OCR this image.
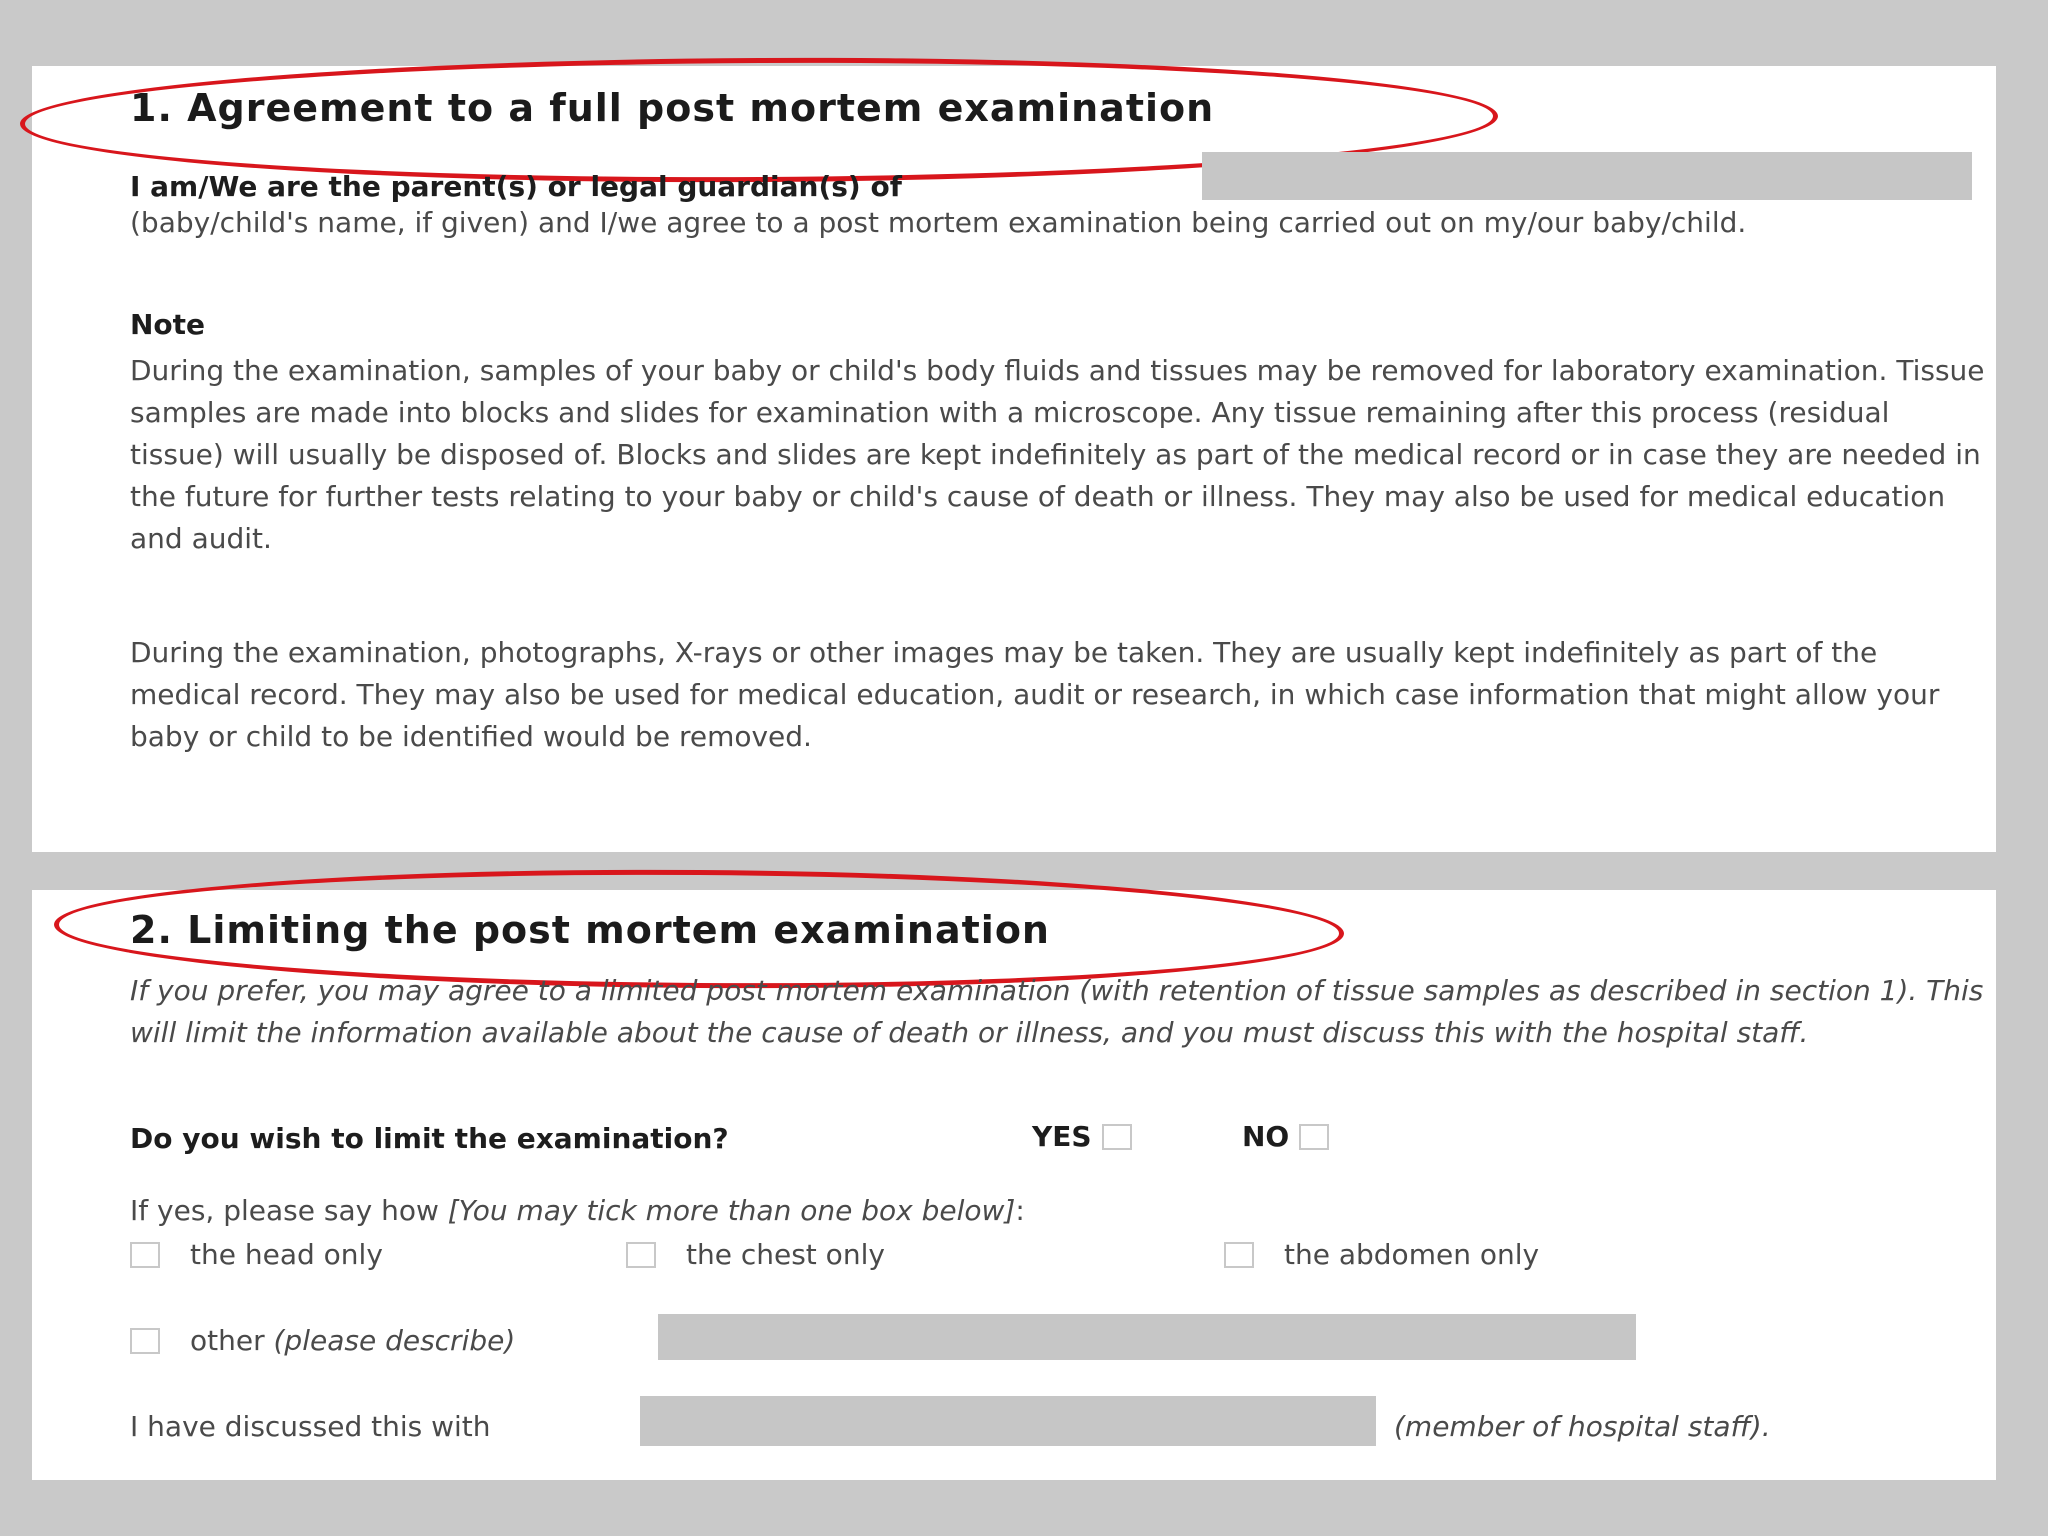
1. Agreement to a full post mortem examination

I am/We are the parent(s) or legal guardian(s) of

(baby/child's name, if given) and I/we agree to a post mortem examination being carried out on my/our baby/child.

Note

During the examination, samples of your baby or child's body fluids and tissues may be removed for laboratory examination. Tissue samples are made into blocks and slides for examination with a microscope. Any tissue remaining after this process (residual tissue) will usually be disposed of. Blocks and slides are kept indefinitely as part of the medical record or in case they are needed in the future for further tests relating to your baby or child's cause of death or illness. They may also be used for medical education and audit.

During the examination, photographs, X-rays or other images may be taken. They are usually kept indefinitely as part of the medical record. They may also be used for medical education, audit or research, in which case information that might allow your baby or child to be identified would be removed.

2. Limiting the post mortem examination

If you prefer, you may agree to a limited post mortem examination (with retention of tissue samples as described in section 1). This will limit the information available about the cause of death or illness, and you must discuss this with the hospital staff.

Do you wish to limit the examination?	YES	NO

If yes, please say how [You may tick more than one box below]:

the head only	the chest only	the abdomen only
other (please describe)
I have discussed this with	(member of hospital staff).
